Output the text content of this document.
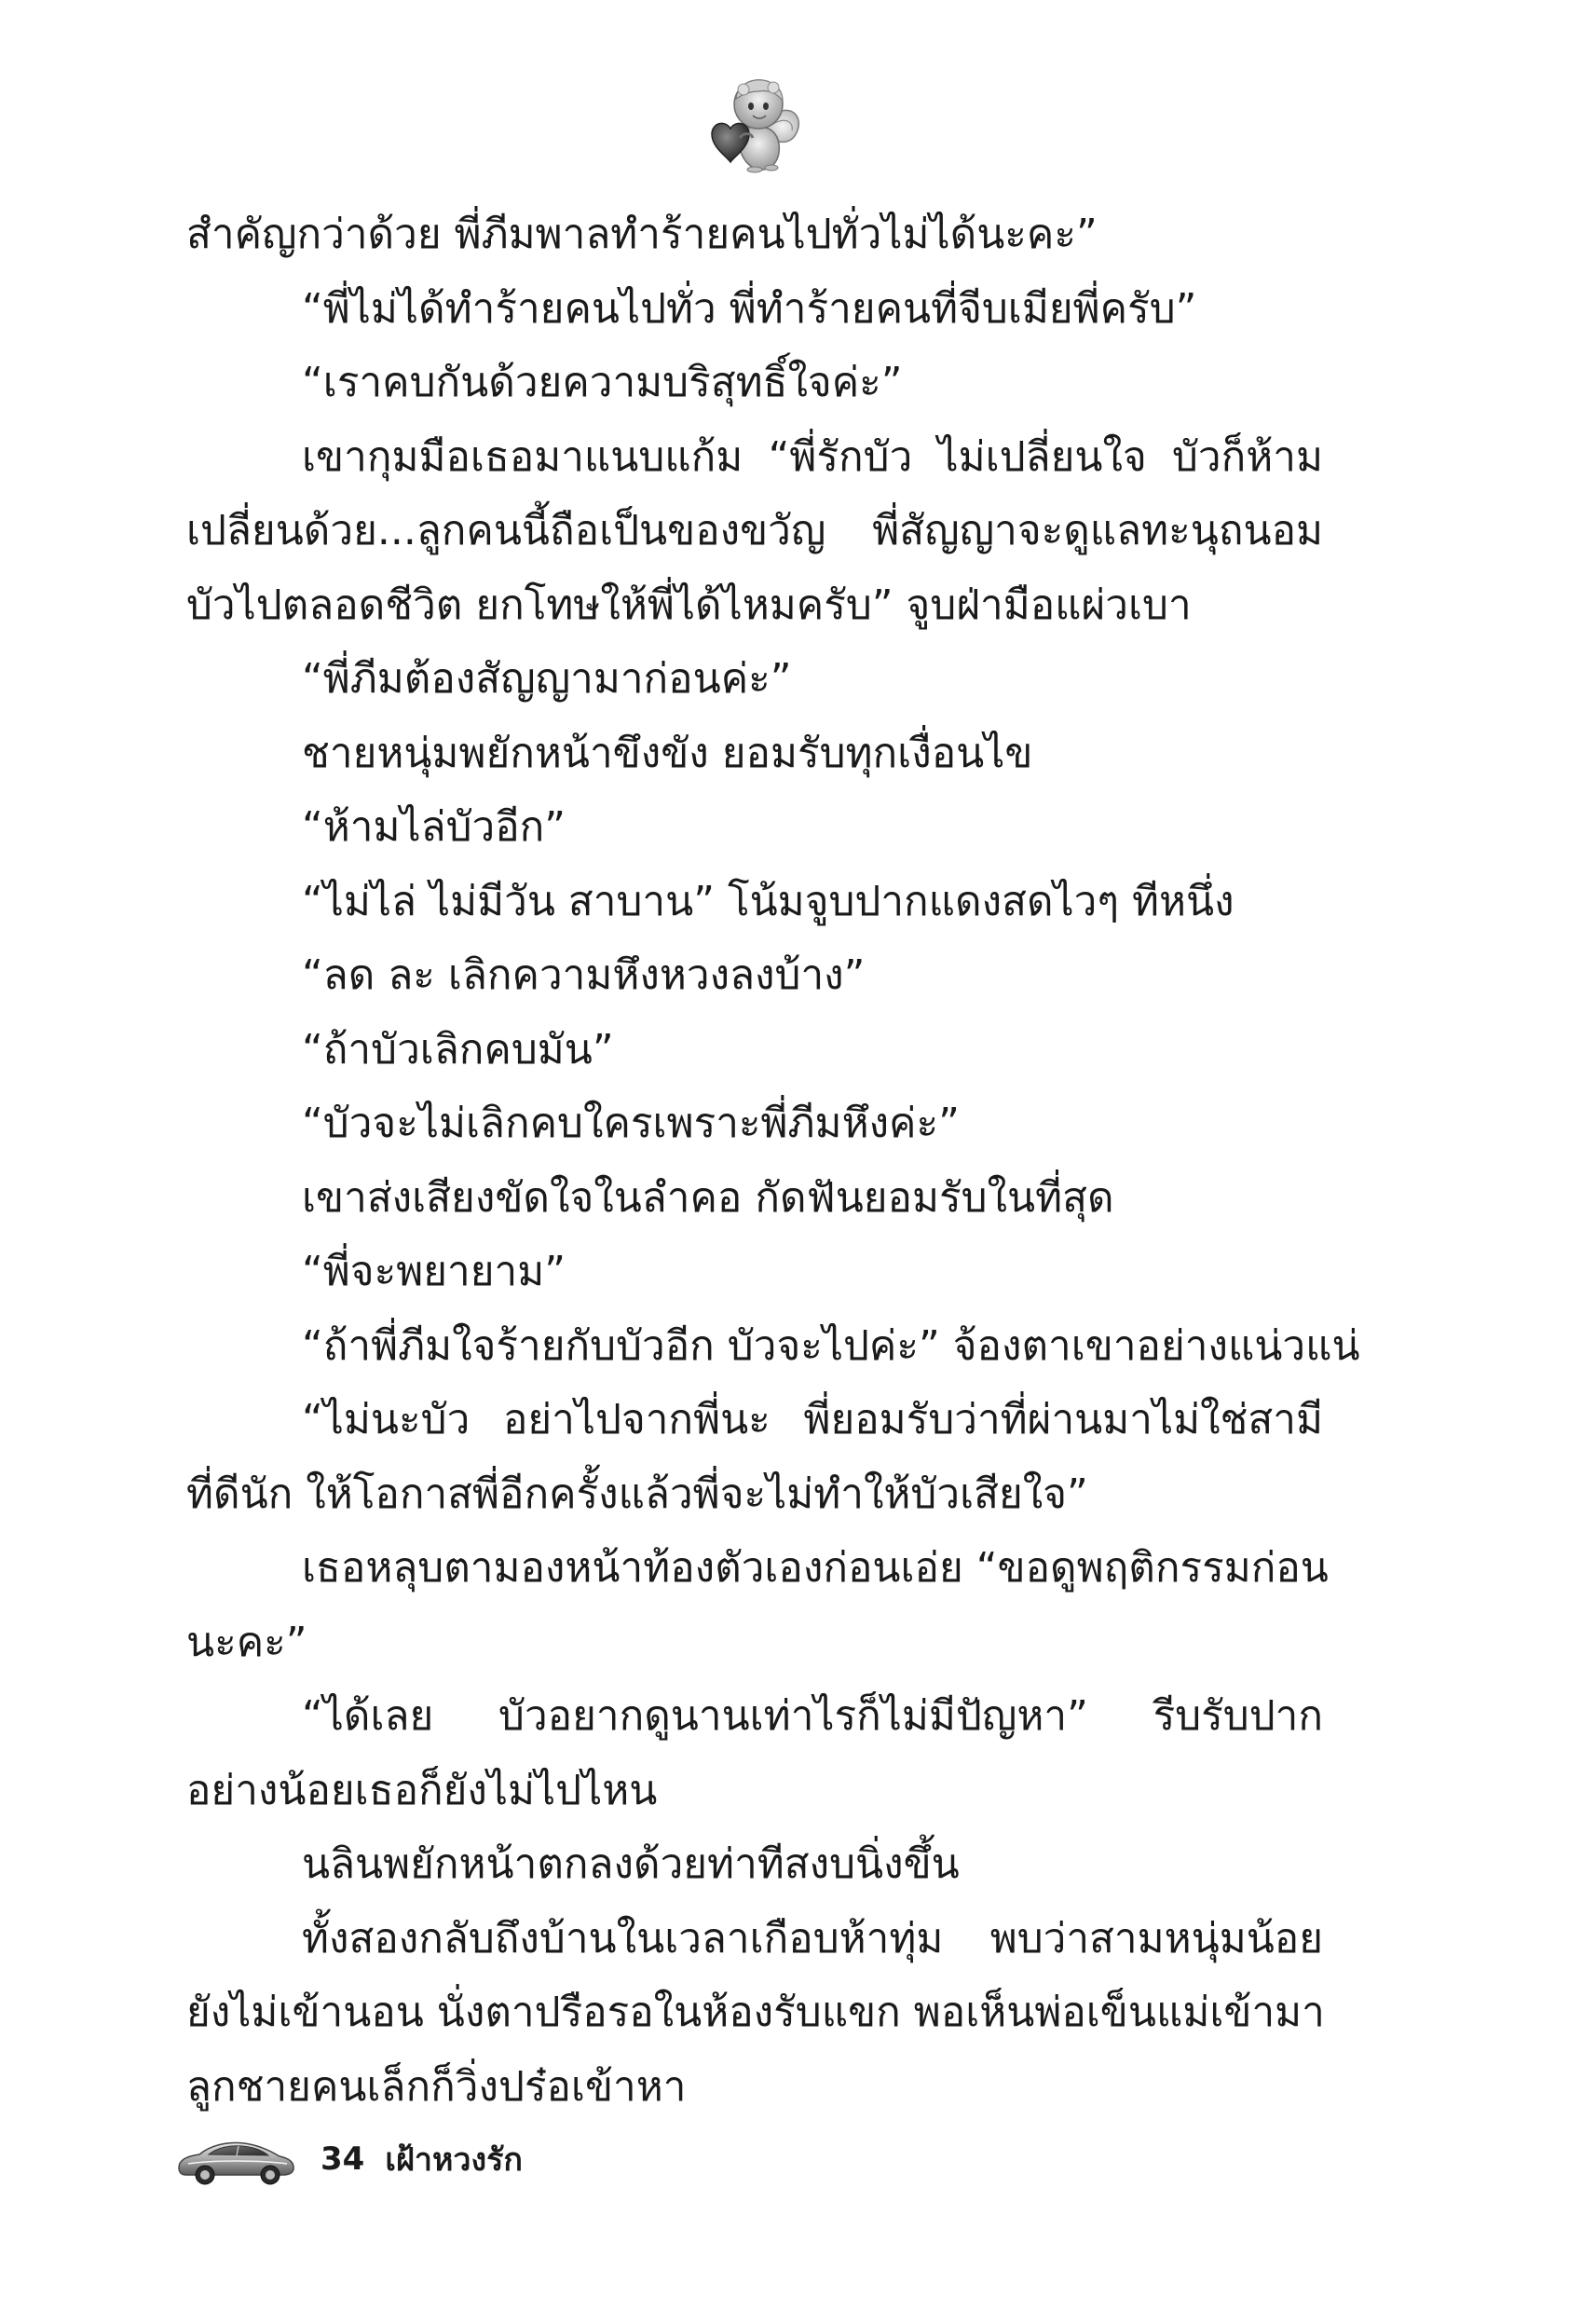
สำคัญกว่าด้วย พี่ภีมพาลทำร้ายคนไปทั่วไม่ได้นะคะ”

“พี่ไม่ได้ทำร้ายคนไปทั่ว พี่ทำร้ายคนที่จีบเมียพี่ครับ”

“เราคบกันด้วยความบริสุทธิ์ใจค่ะ”

เขากุมมือเธอมาแนบแก้ม “พี่รักบัว ไม่เปลี่ยนใจ บัวก็ห้าม

เปลี่ยนด้วย...ลูกคนนี้ถือเป็นของขวัญ พี่สัญญาจะดูแลทะนุถนอม

บัวไปตลอดชีวิต ยกโทษให้พี่ได้ไหมครับ” จูบฝ่ามือแผ่วเบา

“พี่ภีมต้องสัญญามาก่อนค่ะ”

ชายหนุ่มพยักหน้าขึงขัง ยอมรับทุกเงื่อนไข

“ห้ามไล่บัวอีก”

“ไม่ไล่ ไม่มีวัน สาบาน” โน้มจูบปากแดงสดไวๆ ทีหนึ่ง

“ลด ละ เลิกความหึงหวงลงบ้าง”

“ถ้าบัวเลิกคบมัน”

“บัวจะไม่เลิกคบใครเพราะพี่ภีมหึงค่ะ”

เขาส่งเสียงขัดใจในลำคอ กัดฟันยอมรับในที่สุด

“พี่จะพยายาม”

“ถ้าพี่ภีมใจร้ายกับบัวอีก บัวจะไปค่ะ” จ้องตาเขาอย่างแน่วแน่

“ไม่นะบัว อย่าไปจากพี่นะ พี่ยอมรับว่าที่ผ่านมาไม่ใช่สามี

ที่ดีนัก ให้โอกาสพี่อีกครั้งแล้วพี่จะไม่ทำให้บัวเสียใจ”

เธอหลุบตามองหน้าท้องตัวเองก่อนเอ่ย “ขอดูพฤติกรรมก่อน

นะคะ”

“ได้เลย บัวอยากดูนานเท่าไรก็ไม่มีปัญหา” รีบรับปาก

อย่างน้อยเธอก็ยังไม่ไปไหน

นลินพยักหน้าตกลงด้วยท่าทีสงบนิ่งขึ้น

ทั้งสองกลับถึงบ้านในเวลาเกือบห้าทุ่ม พบว่าสามหนุ่มน้อย

ยังไม่เข้านอน นั่งตาปรือรอในห้องรับแขก พอเห็นพ่อเข็นแม่เข้ามา

ลูกชายคนเล็กก็วิ่งปร๋อเข้าหา

34 เฝ้าหวงรัก
